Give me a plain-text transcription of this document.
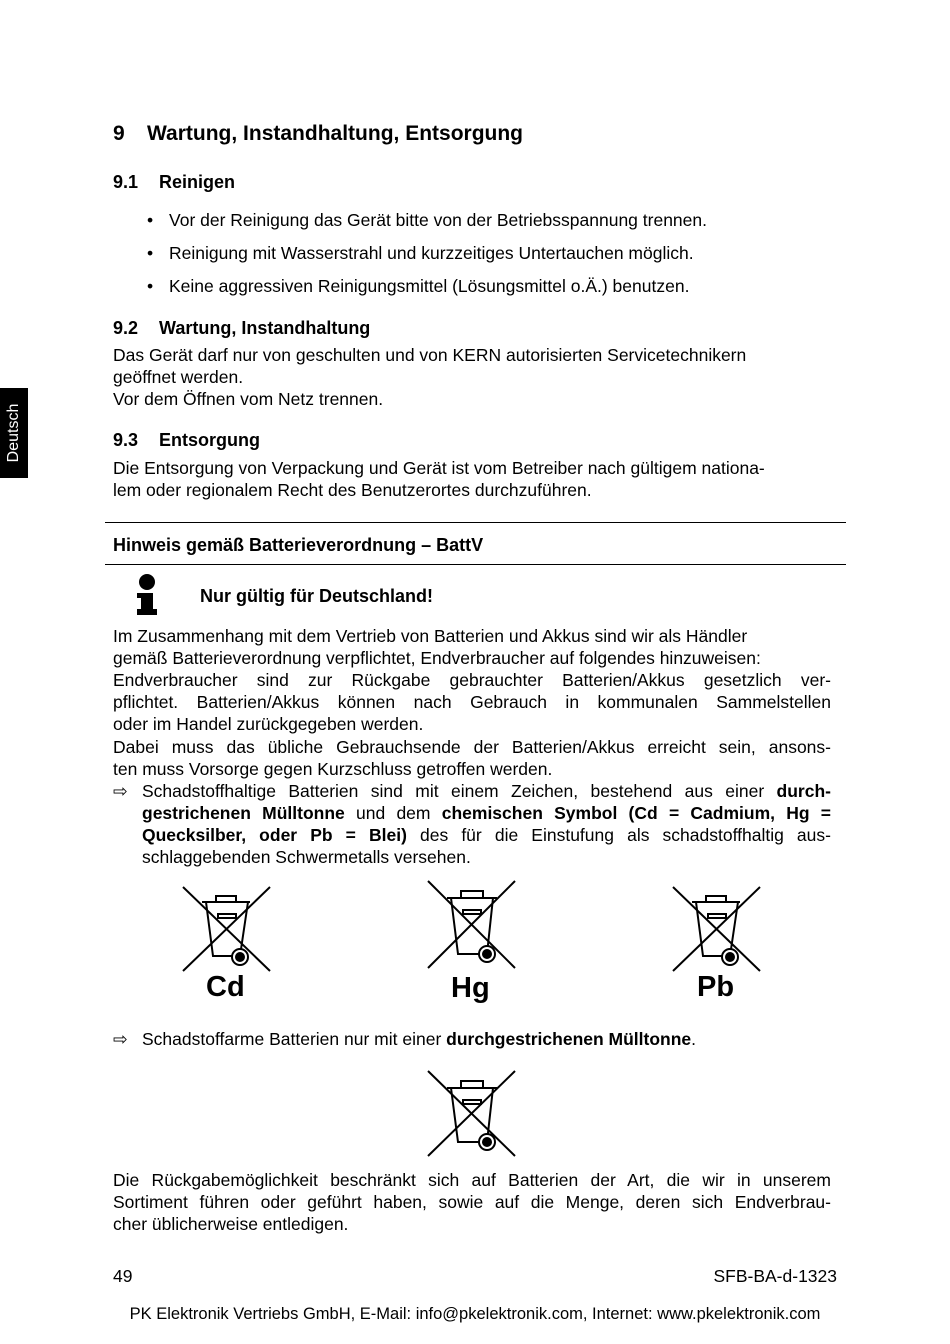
Deutsch
9 Wartung, Instandhaltung, Entsorgung
9.1 Reinigen
• Vor der Reinigung das Gerät bitte von der Betriebsspannung trennen.
• Reinigung mit Wasserstrahl und kurzzeitiges Untertauchen möglich.
• Keine aggressiven Reinigungsmittel (Lösungsmittel o.Ä.) benutzen.
9.2 Wartung, Instandhaltung
Das Gerät darf nur von geschulten und von KERN autorisierten Servicetechnikern
geöffnet werden.
Vor dem Öffnen vom Netz trennen.
9.3 Entsorgung
Die Entsorgung von Verpackung und Gerät ist vom Betreiber nach gültigem nationa-
lem oder regionalem Recht des Benutzerortes durchzuführen.
Hinweis gemäß Batterieverordnung – BattV
Nur gültig für Deutschland!
Im Zusammenhang mit dem Vertrieb von Batterien und Akkus sind wir als Händler
gemäß Batterieverordnung verpflichtet, Endverbraucher auf folgendes hinzuweisen:
Endverbraucher sind zur Rückgabe gebrauchter Batterien/Akkus gesetzlich ver-
pflichtet. Batterien/Akkus können nach Gebrauch in kommunalen Sammelstellen
oder im Handel zurückgegeben werden.
Dabei muss das übliche Gebrauchsende der Batterien/Akkus erreicht sein, ansons-
ten muss Vorsorge gegen Kurzschluss getroffen werden.
⇨ Schadstoffhaltige Batterien sind mit einem Zeichen, bestehend aus einer durch-
gestrichenen Mülltonne und dem chemischen Symbol (Cd = Cadmium, Hg =
Quecksilber, oder Pb = Blei) des für die Einstufung als schadstoffhaltig aus-
schlaggebenden Schwermetalls versehen.
Cd	Hg	Pb
⇨ Schadstoffarme Batterien nur mit einer durchgestrichenen Mülltonne.
Die Rückgabemöglichkeit beschränkt sich auf Batterien der Art, die wir in unserem
Sortiment führen oder geführt haben, sowie auf die Menge, deren sich Endverbrau-
cher üblicherweise entledigen.
49	SFB-BA-d-1323
PK Elektronik Vertriebs GmbH, E-Mail: info@pkelektronik.com, Internet: www.pkelektronik.com
